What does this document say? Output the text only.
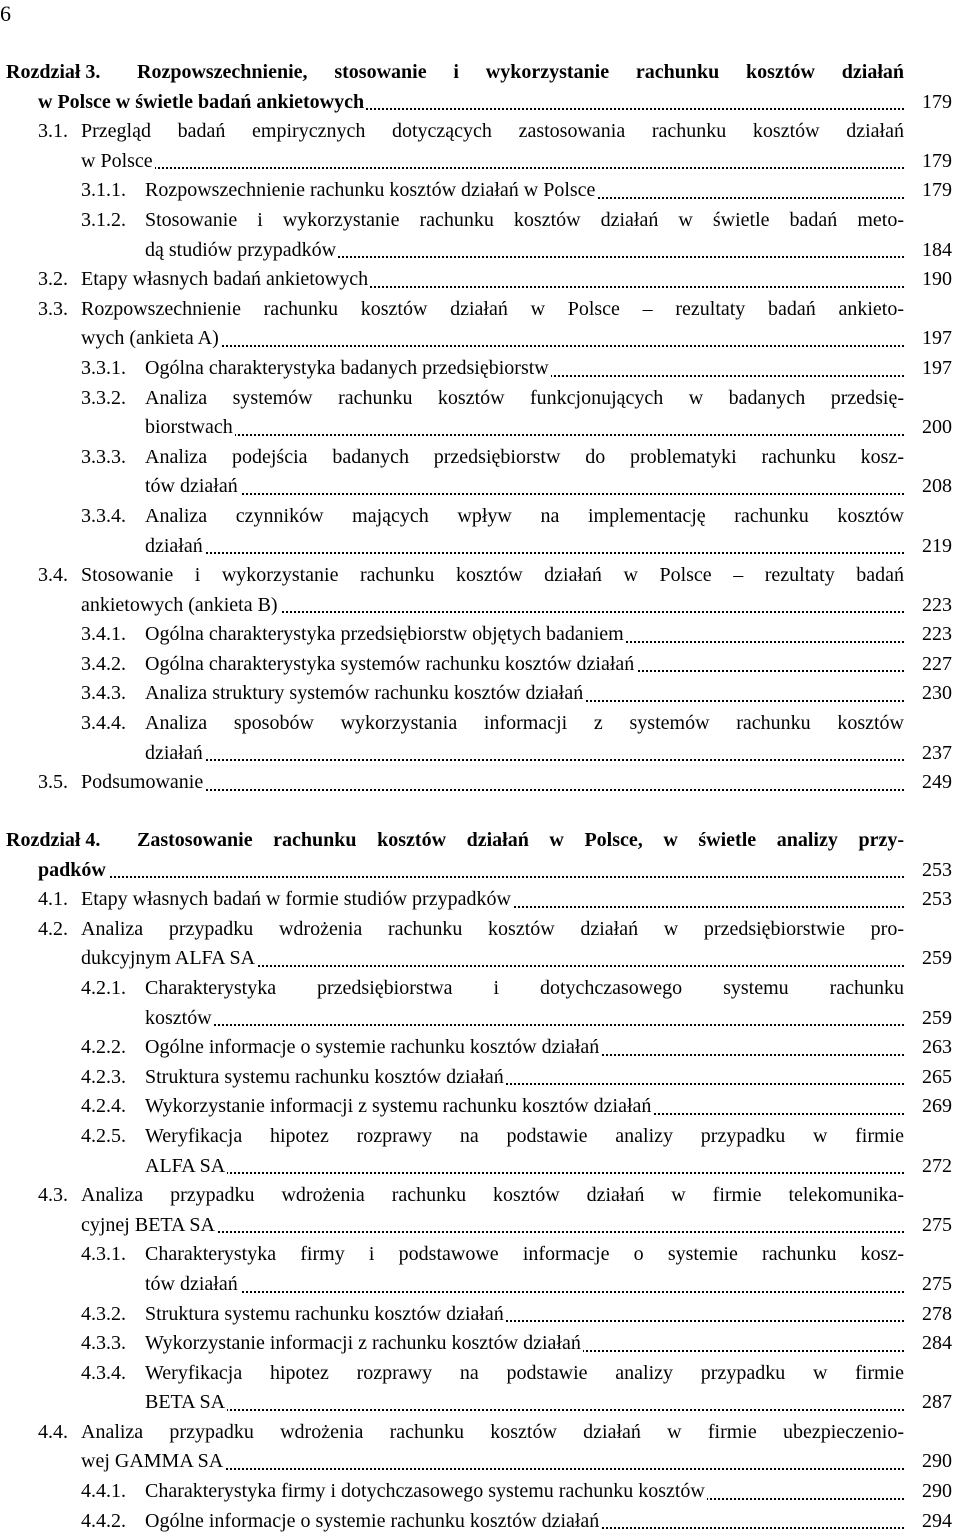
6
Rozdział 3. Rozpowszechnienie, stosowanie i wykorzystanie rachunku kosztów działań
w Polsce w świetle badań ankietowych	179
3.1. Przegląd badań empirycznych dotyczących zastosowania rachunku kosztów działań
w Polsce	179
3.1.1. Rozpowszechnienie rachunku kosztów działań w Polsce	179
3.1.2. Stosowanie i wykorzystanie rachunku kosztów działań w świetle badań meto-
dą studiów przypadków	184
3.2. Etapy własnych badań ankietowych	190
3.3. Rozpowszechnienie rachunku kosztów działań w Polsce – rezultaty badań ankieto-
wych (ankieta A)	197
3.3.1. Ogólna charakterystyka badanych przedsiębiorstw	197
3.3.2. Analiza systemów rachunku kosztów funkcjonujących w badanych przedsię-
biorstwach	200
3.3.3. Analiza podejścia badanych przedsiębiorstw do problematyki rachunku kosz-
tów działań	208
3.3.4. Analiza czynników mających wpływ na implementację rachunku kosztów
działań	219
3.4. Stosowanie i wykorzystanie rachunku kosztów działań w Polsce – rezultaty badań
ankietowych (ankieta B)	223
3.4.1. Ogólna charakterystyka przedsiębiorstw objętych badaniem	223
3.4.2. Ogólna charakterystyka systemów rachunku kosztów działań	227
3.4.3. Analiza struktury systemów rachunku kosztów działań	230
3.4.4. Analiza sposobów wykorzystania informacji z systemów rachunku kosztów
działań	237
3.5. Podsumowanie	249
Rozdział 4. Zastosowanie rachunku kosztów działań w Polsce, w świetle analizy przy-
padków	253
4.1. Etapy własnych badań w formie studiów przypadków	253
4.2. Analiza przypadku wdrożenia rachunku kosztów działań w przedsiębiorstwie pro-
dukcyjnym ALFA SA	259
4.2.1. Charakterystyka przedsiębiorstwa i dotychczasowego systemu rachunku
kosztów	259
4.2.2. Ogólne informacje o systemie rachunku kosztów działań	263
4.2.3. Struktura systemu rachunku kosztów działań	265
4.2.4. Wykorzystanie informacji z systemu rachunku kosztów działań	269
4.2.5. Weryfikacja hipotez rozprawy na podstawie analizy przypadku w firmie
ALFA SA	272
4.3. Analiza przypadku wdrożenia rachunku kosztów działań w firmie telekomunika-
cyjnej BETA SA	275
4.3.1. Charakterystyka firmy i podstawowe informacje o systemie rachunku kosz-
tów działań	275
4.3.2. Struktura systemu rachunku kosztów działań	278
4.3.3. Wykorzystanie informacji z rachunku kosztów działań	284
4.3.4. Weryfikacja hipotez rozprawy na podstawie analizy przypadku w firmie
BETA SA	287
4.4. Analiza przypadku wdrożenia rachunku kosztów działań w firmie ubezpieczenio-
wej GAMMA SA	290
4.4.1. Charakterystyka firmy i dotychczasowego systemu rachunku kosztów	290
4.4.2. Ogólne informacje o systemie rachunku kosztów działań	294
